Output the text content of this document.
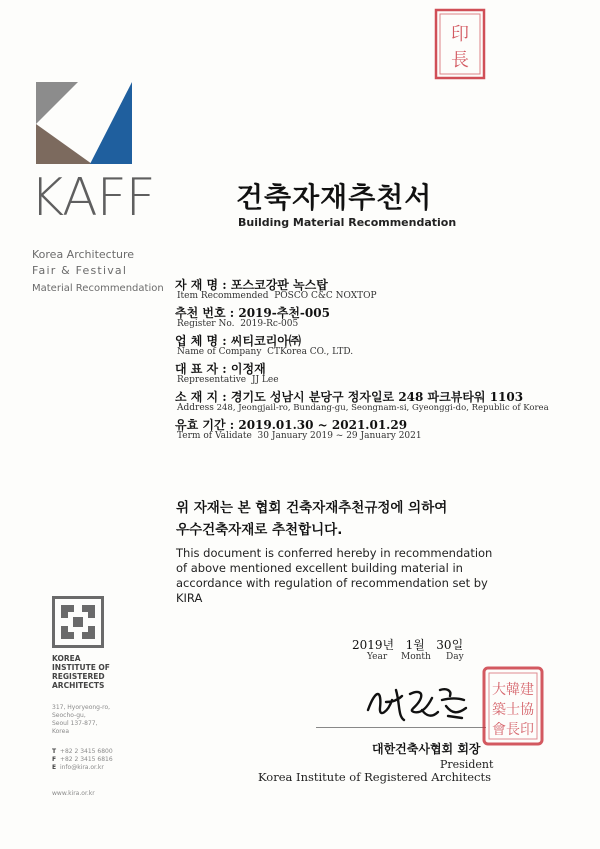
印
長
KAFF
Korea Architecture
Fair & Festival
Material Recommendation
건축자재추천서
Building Material Recommendation
자 재 명 : 포스코강판 녹스탑
Item Recommended POSCO C&C NOXTOP
추천 번호 : 2019-추천-005
Register No. 2019-Rc-005
업 체 명 : 씨티코리아㈜
Name of Company CTKorea CO., LTD.
대 표 자 : 이정재
Representative JJ Lee
소 재 지 : 경기도 성남시 분당구 정자일로 248 파크뷰타워 1103
Address 248, Jeongjail-ro, Bundang-gu, Seongnam-si, Gyeonggi-do, Republic of Korea
유효 기간 : 2019.01.30 ~ 2021.01.29
Term of Validate 30 January 2019 ~ 29 January 2021
위 자재는 본 협회 건축자재추천규정에 의하여
우수건축자재로 추천합니다.
This document is conferred hereby in recommendation
of above mentioned excellent building material in
accordance with regulation of recommendation set by
KIRA
2019년 1월 30일
Year Month Day
大韓建
築士協
會長印
대한건축사협회 회장
President
Korea Institute of Registered Architects
KOREA
INSTITUTE OF
REGISTERED
ARCHITECTS
317, Hyoryeong-ro,
Seocho-gu,
Seoul 137-877,
Korea
T +82 2 3415 6800
F +82 2 3415 6816
E info@kira.or.kr
www.kira.or.kr
